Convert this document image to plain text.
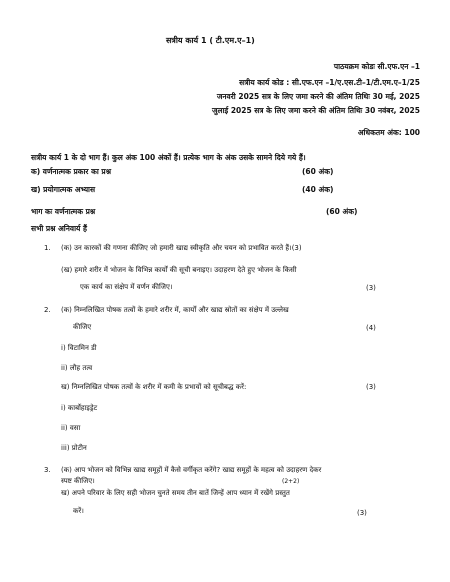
सत्रीय कार्य 1 ( टी.एम.ए–1)
पाठयक्रम कोडः सी.एफ.एन –1
सत्रीय कार्य कोड : सी.एफ.एन –1/ए.एस.टी–1/टी.एम.ए–1/25
जनवरी 2025 सत्र के लिए जमा करने की अंतिम तिथिः 30 मई, 2025
जुलाई 2025 सत्र के लिए जमा करने की अंतिम तिथिः 30 नवंबर, 2025
अधिकतम अंक: 100
सत्रीय कार्य 1 के दो भाग हैं। कुल अंक 100 अंकों हैं। प्रत्येक भाग के अंक उसके सामने दिये गये हैं।
क) वर्णनात्मक प्रकार का प्रश्न	(60 अंक)
ख) प्रयोगात्मक अभ्यास	(40 अंक)
भाग कः वर्णनात्मक प्रश्न	(60 अंक)
सभी प्रश्न अनिवार्य हैं
1. (क) उन कारकों की गणना कीजिए जो हमारी खाद्य स्वीकृति और चयन को प्रभावित करते हैं।(3)
(ख) हमारे शरीर में भोजन के विभिन्न कार्यों की सूची बनाइए। उदाहरण देते हुए भोजन के किसी
एक कार्य का संक्षेप में वर्णन कीजिए।	(3)
2. (क) निम्नलिखित पोषक तत्वों के हमारे शरीर में, कार्यों और खाद्य स्रोतों का संक्षेप में उल्लेख
कीजिए	(4)
i) विटामिन डी
ii) लौह तत्व
ख) निम्नलिखित पोषक तत्वों के शरीर में कमी के प्रभावों को सूचीबद्ध करें:	(3)
i) कार्बोहाइड्रेट
ii) वसा
iii) प्रोटीन
3. (क) आप भोजन को विभिन्न खाद्य समूहों में कैसे वर्गीकृत करेंगे? खाद्य समूहों के महत्व को उदाहरण देकर
स्पष्ट कीजिए।	(2+2)
ख) अपने परिवार के लिए सही भोजन चुनते समय तीन बातें जिन्हें आप ध्यान में रखेंगे प्रस्तुत
करें।	(3)
